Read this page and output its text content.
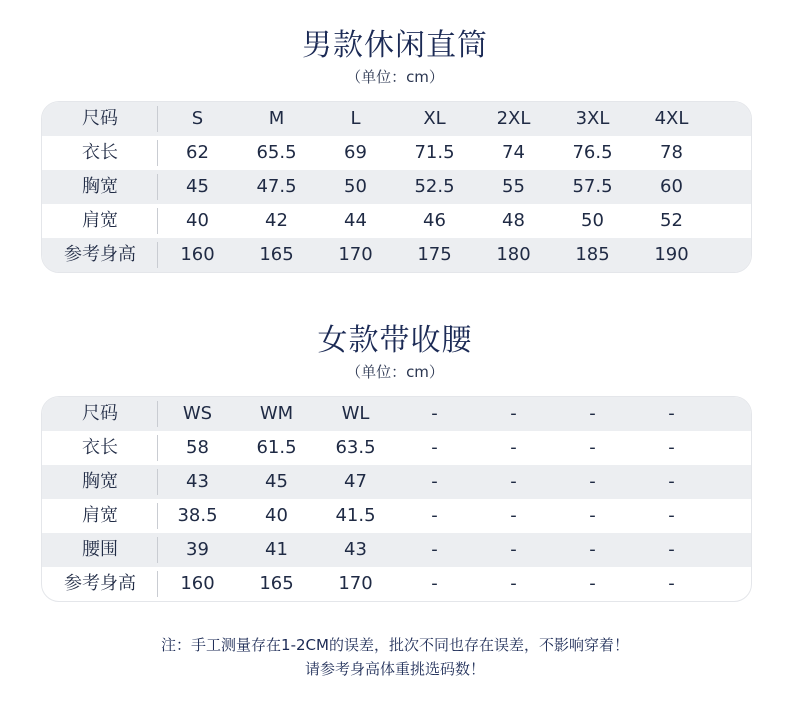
男款休闲直筒
（单位：cm）
尺码	S	M	L	XL	2XL	3XL	4XL
衣长	62	65.5	69	71.5	74	76.5	78
胸宽	45	47.5	50	52.5	55	57.5	60
肩宽	40	42	44	46	48	50	52
参考身高	160	165	170	175	180	185	190
女款带收腰
（单位：cm）
尺码	WS	WM	WL	-	-	-	-
衣长	58	61.5	63.5	-	-	-	-
胸宽	43	45	47	-	-	-	-
肩宽	38.5	40	41.5	-	-	-	-
腰围	39	41	43	-	-	-	-
参考身高	160	165	170	-	-	-	-
注：手工测量存在1-2CM的误差，批次不同也存在误差，不影响穿着！
请参考身高体重挑选码数！
